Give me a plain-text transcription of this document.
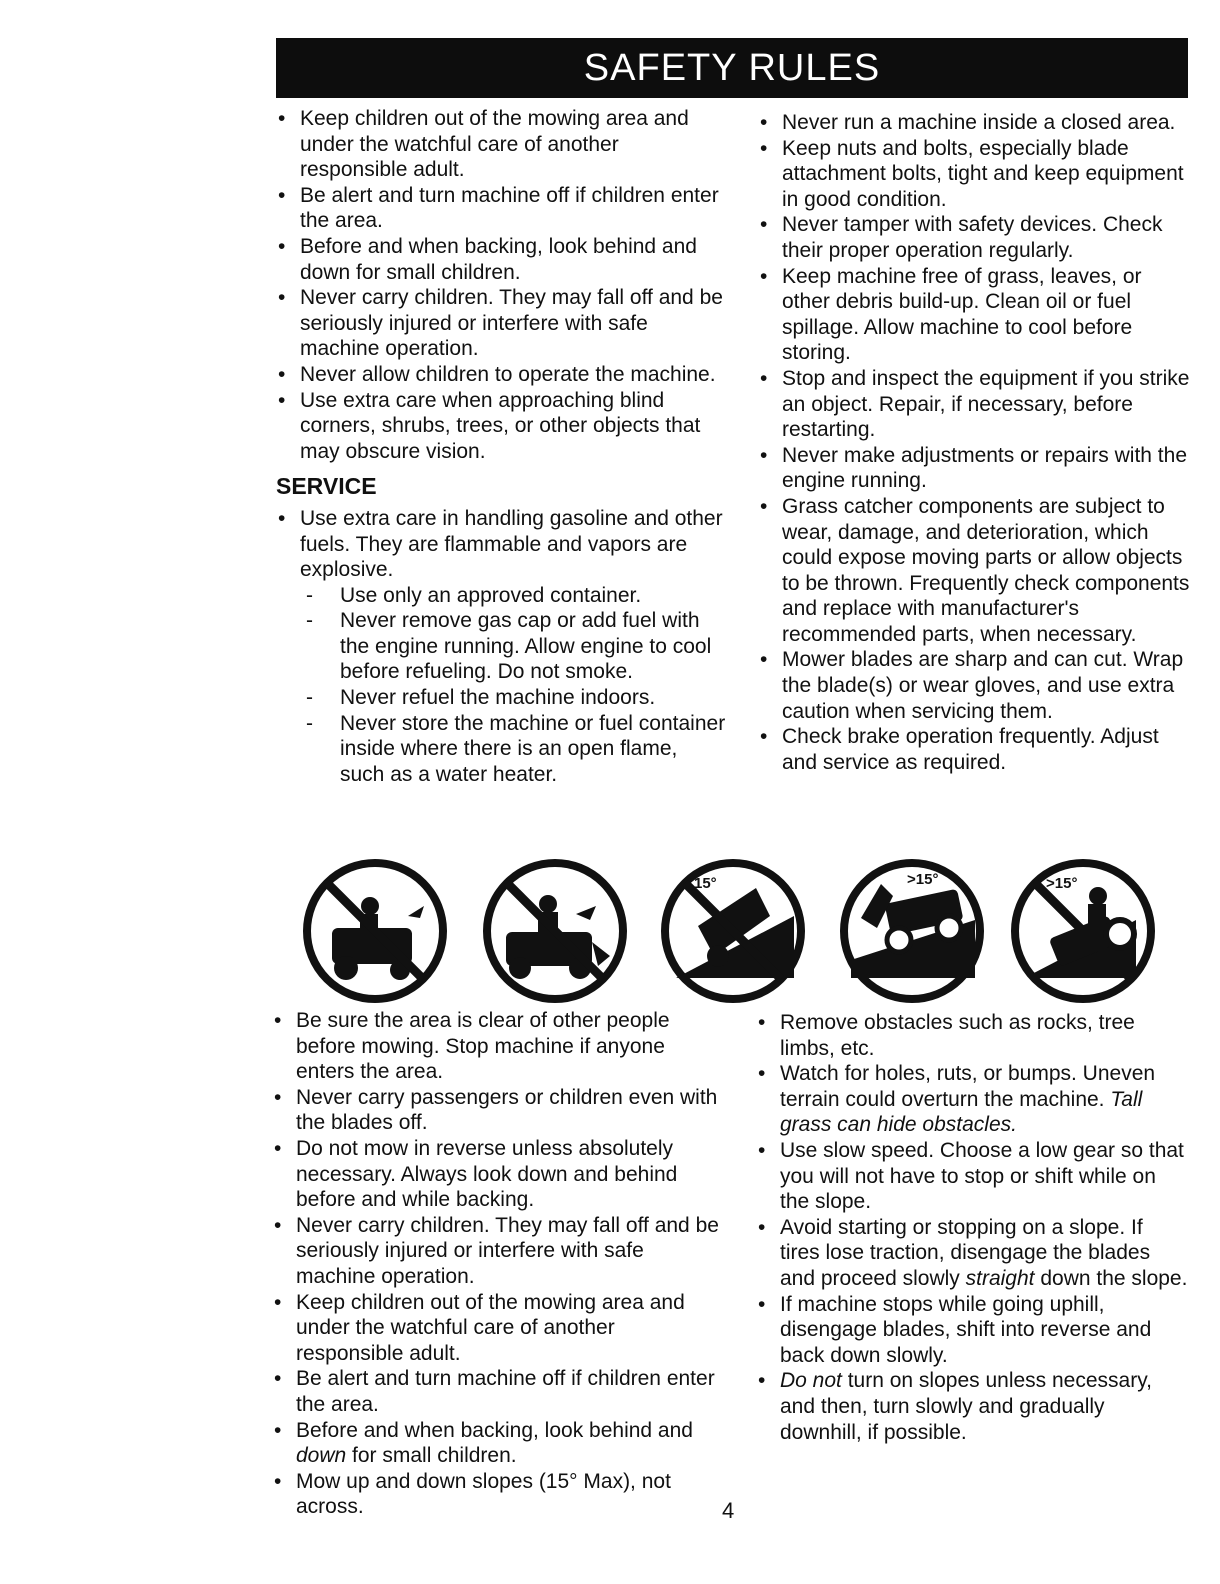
SAFETY RULES
• Keep children out of the mowing area and under the watchful care of another responsible adult.
• Be alert and turn machine off if children enter the area.
• Before and when backing, look behind and down for small children.
• Never carry children. They may fall off and be seriously injured or interfere with safe machine operation.
• Never allow children to operate the machine.
• Use extra care when approaching blind corners, shrubs, trees, or other objects that may obscure vision.
SERVICE
• Use extra care in handling gasoline and other fuels. They are flammable and vapors are explosive.
- Use only an approved container.
- Never remove gas cap or add fuel with the engine running. Allow engine to cool before refueling. Do not smoke.
- Never refuel the machine indoors.
- Never store the machine or fuel container inside where there is an open flame, such as a water heater.
• Never run a machine inside a closed area.
• Keep nuts and bolts, especially blade attachment bolts, tight and keep equipment in good condition.
• Never tamper with safety devices. Check their proper operation regularly.
• Keep machine free of grass, leaves, or other debris build-up. Clean oil or fuel spillage. Allow machine to cool before storing.
• Stop and inspect the equipment if you strike an object. Repair, if necessary, before restarting.
• Never make adjustments or repairs with the engine running.
• Grass catcher components are subject to wear, damage, and deterioration, which could expose moving parts or allow objects to be thrown. Frequently check components and replace with manufacturer's recommended parts, when necessary.
• Mower blades are sharp and can cut. Wrap the blade(s) or wear gloves, and use extra caution when servicing them.
• Check brake operation frequently. Adjust and service as required.
15°	>15°	>15°
• Be sure the area is clear of other people before mowing. Stop machine if anyone enters the area.
• Never carry passengers or children even with the blades off.
• Do not mow in reverse unless absolutely necessary. Always look down and behind before and while backing.
• Never carry children. They may fall off and be seriously injured or interfere with safe machine operation.
• Keep children out of the mowing area and under the watchful care of another responsible adult.
• Be alert and turn machine off if children enter the area.
• Before and when backing, look behind and down for small children.
• Mow up and down slopes (15° Max), not across.
• Remove obstacles such as rocks, tree limbs, etc.
• Watch for holes, ruts, or bumps. Uneven terrain could overturn the machine. Tall grass can hide obstacles.
• Use slow speed. Choose a low gear so that you will not have to stop or shift while on the slope.
• Avoid starting or stopping on a slope. If tires lose traction, disengage the blades and proceed slowly straight down the slope.
• If machine stops while going uphill, disengage blades, shift into reverse and back down slowly.
• Do not turn on slopes unless necessary, and then, turn slowly and gradually downhill, if possible.
4
